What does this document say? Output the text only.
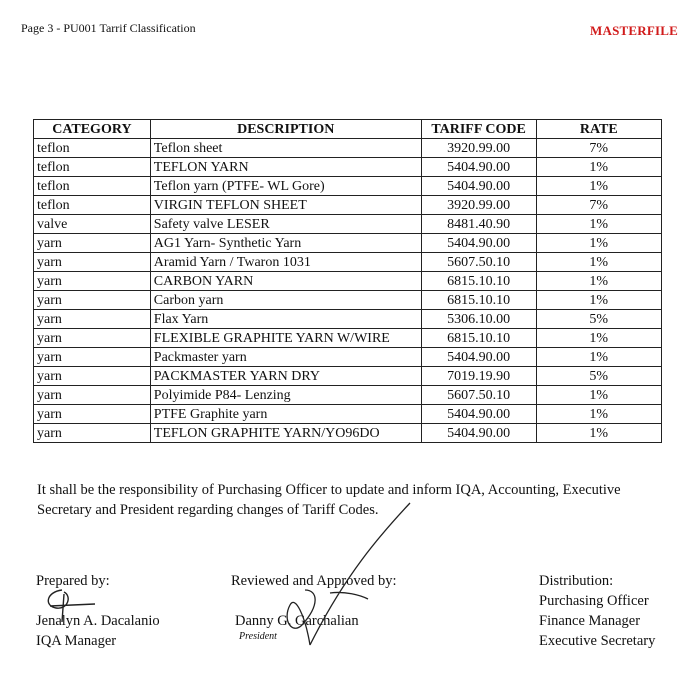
Page 3 - PU001 Tarrif Classification	MASTERFILE
CATEGORY	DESCRIPTION	TARIFF CODE	RATE
teflon	Teflon sheet	3920.99.00	7%
teflon	TEFLON YARN	5404.90.00	1%
teflon	Teflon yarn (PTFE- WL Gore)	5404.90.00	1%
teflon	VIRGIN TEFLON SHEET	3920.99.00	7%
valve	Safety valve LESER	8481.40.90	1%
yarn	AG1 Yarn- Synthetic Yarn	5404.90.00	1%
yarn	Aramid Yarn / Twaron 1031	5607.50.10	1%
yarn	CARBON YARN	6815.10.10	1%
yarn	Carbon yarn	6815.10.10	1%
yarn	Flax Yarn	5306.10.00	5%
yarn	FLEXIBLE GRAPHITE YARN W/WIRE	6815.10.10	1%
yarn	Packmaster yarn	5404.90.00	1%
yarn	PACKMASTER YARN DRY	7019.19.90	5%
yarn	Polyimide P84- Lenzing	5607.50.10	1%
yarn	PTFE Graphite yarn	5404.90.00	1%
yarn	TEFLON GRAPHITE YARN/YO96DO	5404.90.00	1%
It shall be the responsibility of Purchasing Officer to update and inform IQA, Accounting, Executive Secretary and President regarding changes of Tariff Codes.
Prepared by:
Jenalyn A. Dacalanio
IQA Manager
Reviewed and Approved by:
Danny G. Garchalian
President
Distribution:
Purchasing Officer
Finance Manager
Executive Secretary
